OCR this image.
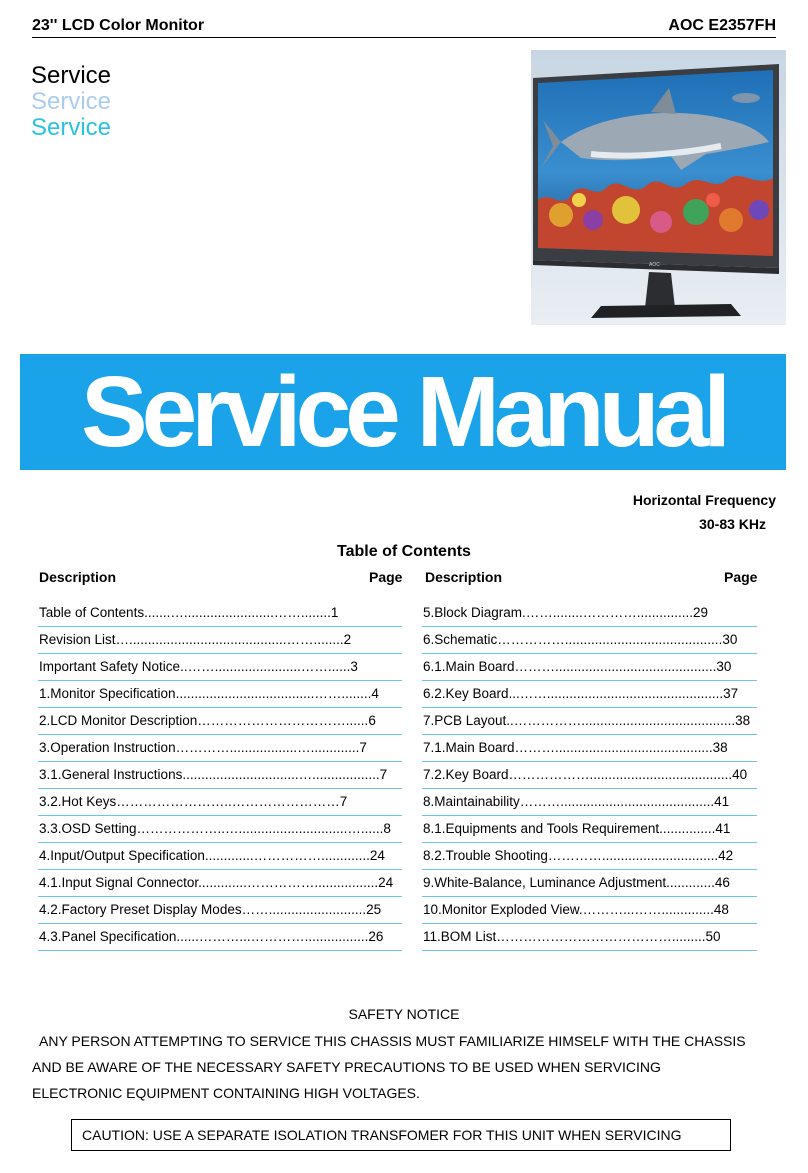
23'' LCD Color Monitor	AOC E2357FH
Service
Service
Service
AOC
Service Manual
Horizontal Frequency
30-83 KHz
Table of Contents
Description	Page Description	Page
Table of Contents.......…........................……........1
Revision List…..........................................……........2
Important Safety Notice..…….......................……......3
1.Monitor Specification.....................................……........4
2.LCD Monitor Description……………………………......6
3.Operation Instruction…………..................….............7
3.1.General Instructions...............................…..................7
3.2.Hot Keys……………………..……………………7
3.3.OSD Setting………………..….............................…......8
4.Input/Output Specification.............…………….............24
4.1.Input Signal Connector.............…………….................24
4.2.Factory Preset Display Modes……..........................25
4.3.Panel Specification......………...………….................26
5.Block Diagram.……........…………...............29
6.Schematic……………..........................................30
6.1.Main Board………...........................................30
6.2.Key Board...……...............................................37
7.PCB Layout..…………….........................................38
7.1.Main Board………..........................................38
7.2.Key Board………………......................................40
8.Maintainability……….........................................41
8.1.Equipments and Tools Requirement...............41
8.2.Trouble Shooting…………...............................42
9.White-Balance, Luminance Adjustment.............46
10.Monitor Exploded View.………...……..............48
11.BOM List………………………………….........50
SAFETY NOTICE
ANY PERSON ATTEMPTING TO SERVICE THIS CHASSIS MUST FAMILIARIZE HIMSELF WITH THE CHASSIS
AND BE AWARE OF THE NECESSARY SAFETY PRECAUTIONS TO BE USED WHEN SERVICING
ELECTRONIC EQUIPMENT CONTAINING HIGH VOLTAGES.
CAUTION: USE A SEPARATE ISOLATION TRANSFOMER FOR THIS UNIT WHEN SERVICING
